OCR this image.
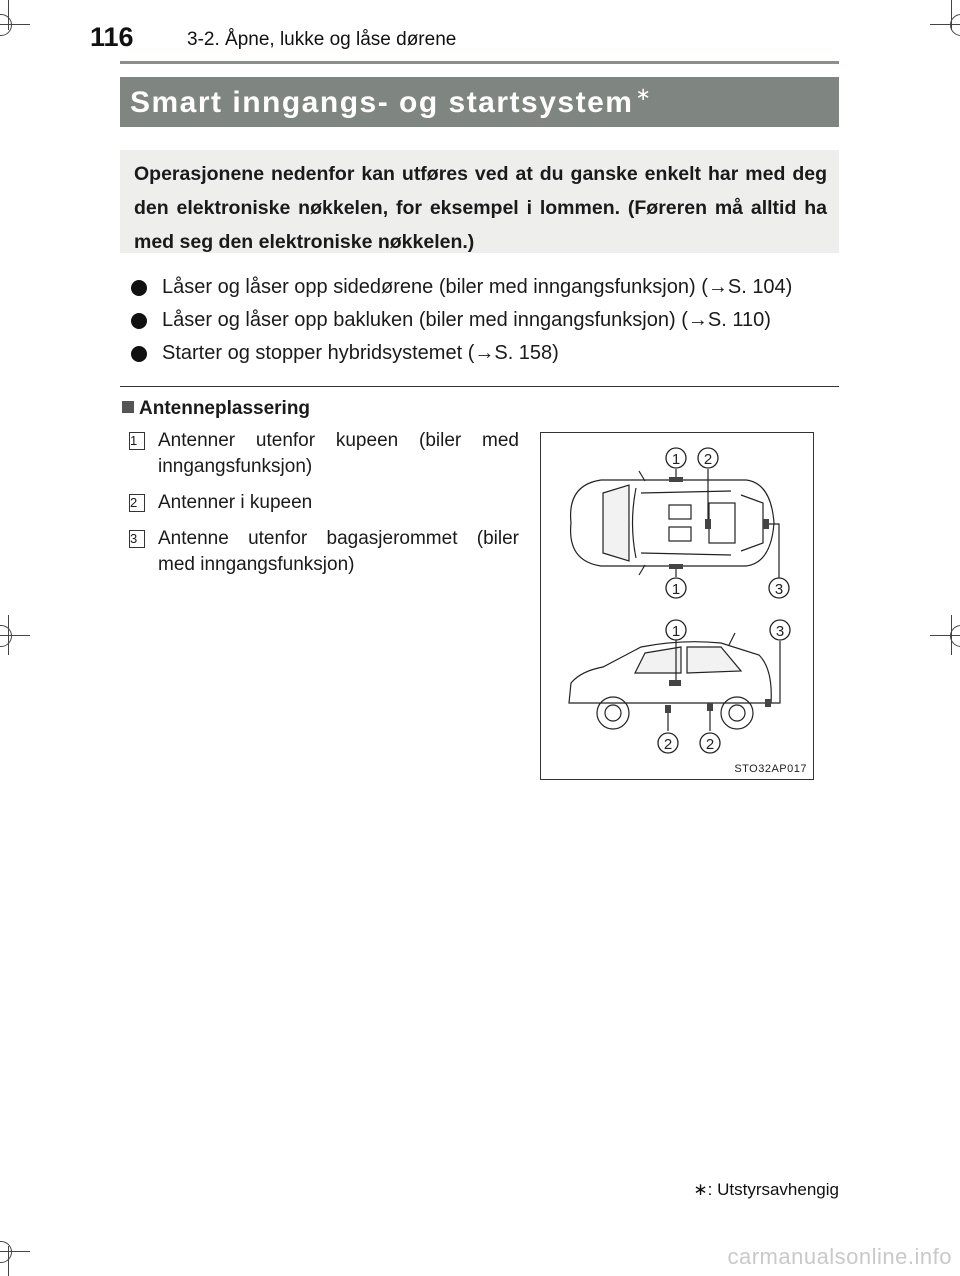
116	3-2. Åpne, lukke og låse dørene
Smart inngangs- og startsystem ∗
Operasjonene nedenfor kan utføres ved at du ganske enkelt har med deg den elektroniske nøkkelen, for eksempel i lommen. (Føreren må alltid ha med seg den elektroniske nøkkelen.)
Låser og låser opp sidedørene (biler med inngangsfunksjon) (→S. 104)
Låser og låser opp bakluken (biler med inngangsfunksjon) (→S. 110)
Starter og stopper hybridsystemet (→S. 158)
Antenneplassering
1	Antenner utenfor kupeen (biler med inngangsfunksjon)
2	Antenner i kupeen
3	Antenne utenfor bagasjerommet (biler med inngangsfunksjon)
1 2
1	3
1	3
2 2
STO32AP017
∗: Utstyrsavhengig
carmanualsonline.info
